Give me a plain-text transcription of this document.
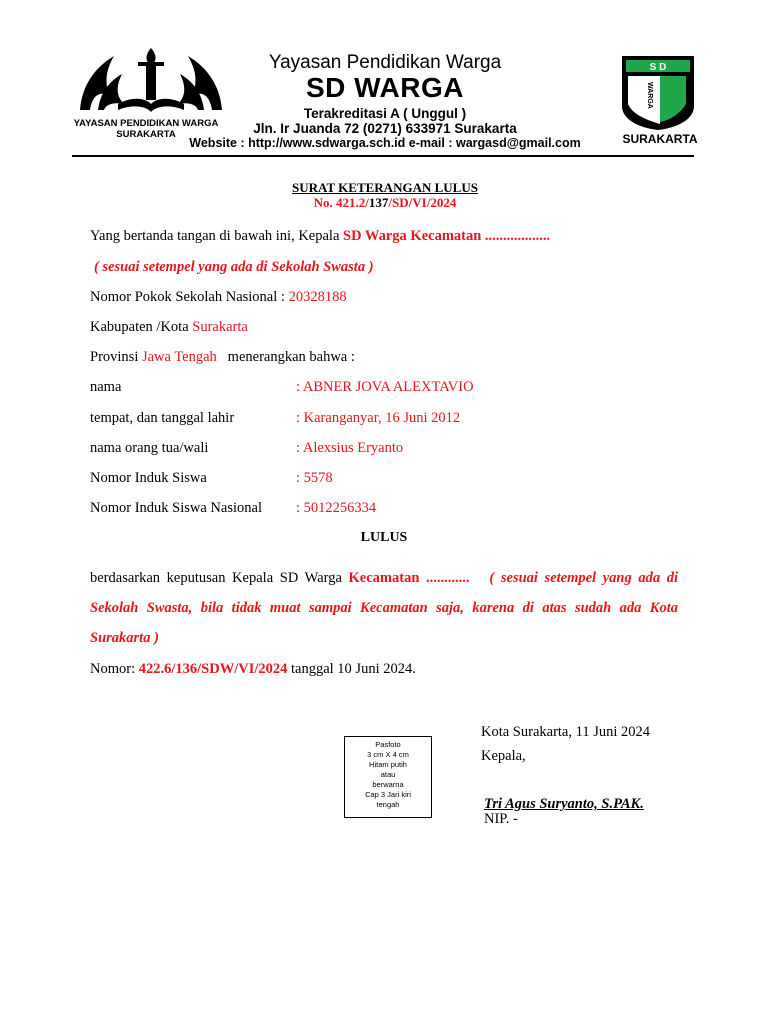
YAYASAN PENDIDIKAN WARGA
SURAKARTA
Yayasan Pendidikan Warga
SD WARGA
Terakreditasi A ( Unggul )
Jln. Ir Juanda 72 (0271) 633971 Surakarta
Website : http://www.sdwarga.sch.id e-mail : wargasd@gmail.com
S D
WARGA
SURAKARTA
SURAT KETERANGAN LULUS
No. 421.2/137/SD/VI/2024
Yang bertanda tangan di bawah ini, Kepala SD Warga Kecamatan ..................
( sesuai setempel yang ada di Sekolah Swasta )
Nomor Pokok Sekolah Nasional : 20328188
Kabupaten /Kota Surakarta
Provinsi Jawa Tengah   menerangkan bahwa :
nama	: ABNER JOVA ALEXTAVIO
tempat, dan tanggal lahir	: Karanganyar, 16 Juni 2012
nama orang tua/wali	: Alexsius Eryanto
Nomor Induk Siswa	: 5578
Nomor Induk Siswa Nasional : 5012256334
LULUS
berdasarkan keputusan Kepala SD Warga Kecamatan ............ ( sesuai setempel yang ada di
Sekolah Swasta, bila tidak muat sampai Kecamatan saja, karena di atas sudah ada Kota
Surakarta )
Nomor: 422.6/136/SDW/VI/2024 tanggal 10 Juni 2024.
Kota Surakarta, 11 Juni 2024
Kepala,
Pasfoto
3 cm X 4 cm
Hitam putih
atau
berwarna
Cap 3 Jari kiri
tengah	Tri Agus Suryanto, S.PAK.
NIP. -
